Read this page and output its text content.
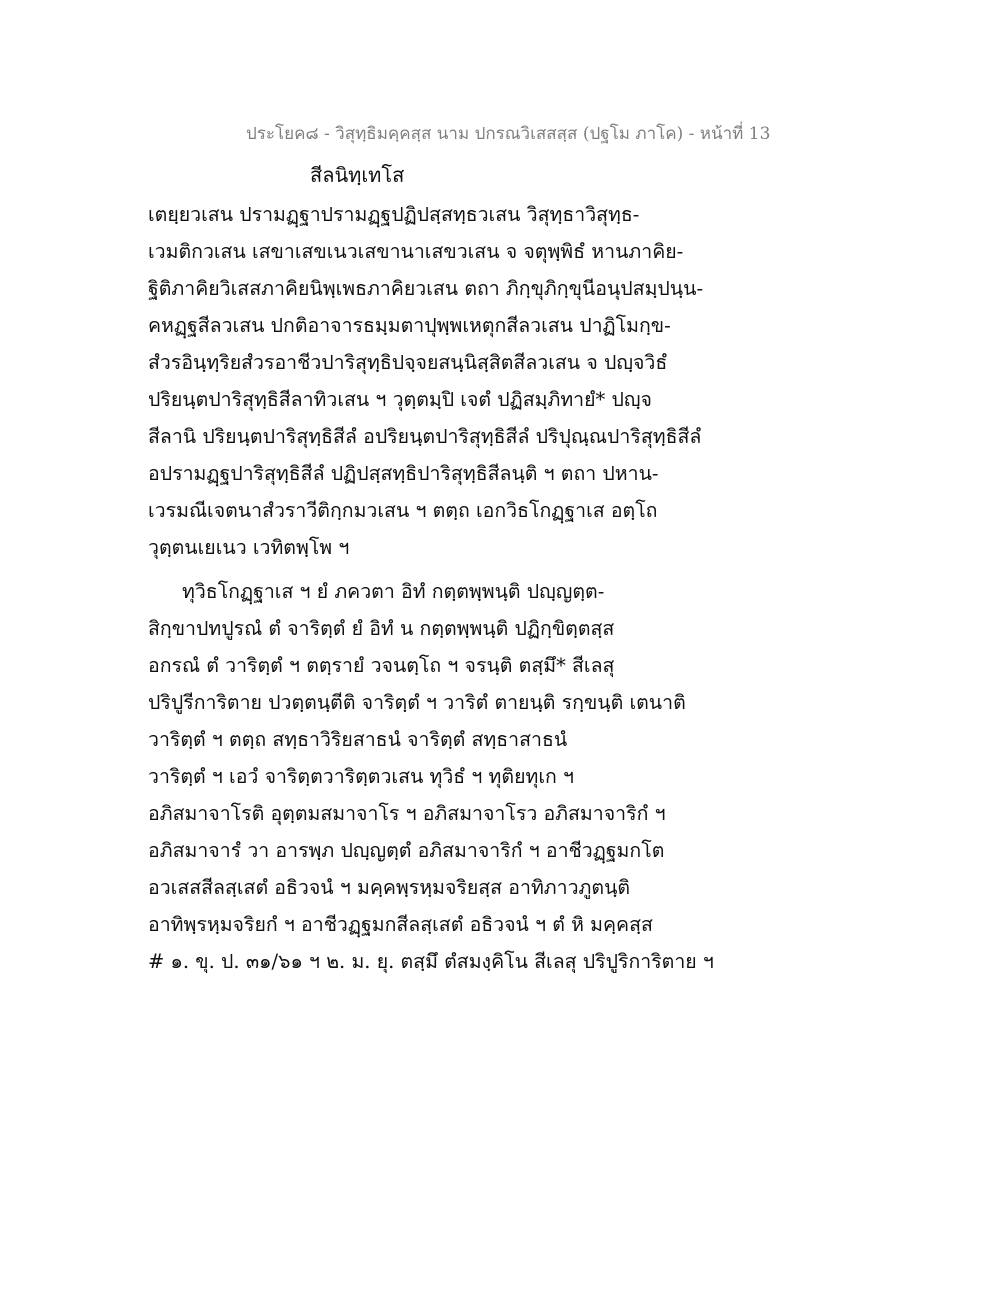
ประโยค๘ - วิสุทฺธิมคฺคสฺส นาม ปกรณวิเสสสฺส (ปฐโม ภาโค) - หน้าที่ 13
สีลนิทฺเทโส
เตยฺยวเสน ปรามฏฺฐาปรามฏฺฐปฏิปสฺสทฺธวเสน วิสุทฺธาวิสุทฺธ-
เวมติกวเสน เสขาเสขเนวเสขานาเสขวเสน จ จตุพฺพิธํ หานภาคิย-
ฐิติภาคิยวิเสสภาคิยนิพฺเพธภาคิยวเสน ตถา ภิกฺขุภิกฺขุนีอนุปสมฺปนฺน-
คหฏฺฐสีลวเสน ปกติอาจารธมฺมตาปุพฺพเหตุกสีลวเสน ปาฏิโมกฺข-
สํวรอินฺทฺริยสํวรอาชีวปาริสุทฺธิปจฺจยสนฺนิสฺสิตสีลวเสน จ ปญฺจวิธํ
ปริยนฺตปาริสุทฺธิสีลาทิวเสน ฯ วุตฺตมฺปิ เจตํ ปฏิสมฺภิทายํ* ปญฺจ
สีลานิ ปริยนฺตปาริสุทฺธิสีลํ อปริยนฺตปาริสุทฺธิสีลํ ปริปุณฺณปาริสุทฺธิสีลํ
อปรามฏฺฐปาริสุทฺธิสีลํ ปฏิปสฺสทฺธิปาริสุทฺธิสีลนฺติ ฯ ตถา ปหาน-
เวรมณีเจตนาสํวราวีติกฺกมวเสน ฯ ตตฺถ เอกวิธโกฏฺฐาเส อตฺโถ
วุตฺตนเยเนว เวทิตพฺโพ ฯ
ทุวิธโกฏฺฐาเส ฯ ยํ ภควตา อิทํ กตฺตพฺพนฺติ ปญฺญตฺต-
สิกฺขาปทปูรณํ ตํ จาริตฺตํ ยํ อิทํ น กตฺตพฺพนฺติ ปฏิกฺขิตฺตสฺส
อกรณํ ตํ วาริตฺตํ ฯ ตตฺรายํ วจนตฺโถ ฯ จรนฺติ ตสฺมึ* สีเลสุ
ปริปูรีการิตาย ปวตฺตนฺตีติ จาริตฺตํ ฯ วาริตํ ตายนฺติ รกฺขนฺติ เตนาติ
วาริตฺตํ ฯ ตตฺถ สทฺธาวิริยสาธนํ จาริตฺตํ สทฺธาสาธนํ
วาริตฺตํ ฯ เอวํ จาริตฺตวาริตฺตวเสน ทุวิธํ ฯ ทุติยทุเก ฯ
อภิสมาจาโรติ อุตฺตมสมาจาโร ฯ อภิสมาจาโรว อภิสมาจาริกํ ฯ
อภิสมาจารํ วา อารพฺภ ปญฺญตฺตํ อภิสมาจาริกํ ฯ อาชีวฏฺฐมกโต
อวเสสสีลสฺเสตํ อธิวจนํ ฯ มคฺคพฺรหฺมจริยสฺส อาทิภาวภูตนฺติ
อาทิพฺรหฺมจริยกํ ฯ อาชีวฏฺฐมกสีลสฺเสตํ อธิวจนํ ฯ ตํ หิ มคฺคสฺส
# ๑. ขุ. ป. ๓๑/๖๑ ฯ ๒. ม. ยุ. ตสฺมึ ตํสมงฺคิโน สีเลสุ ปริปูริการิตาย ฯ
